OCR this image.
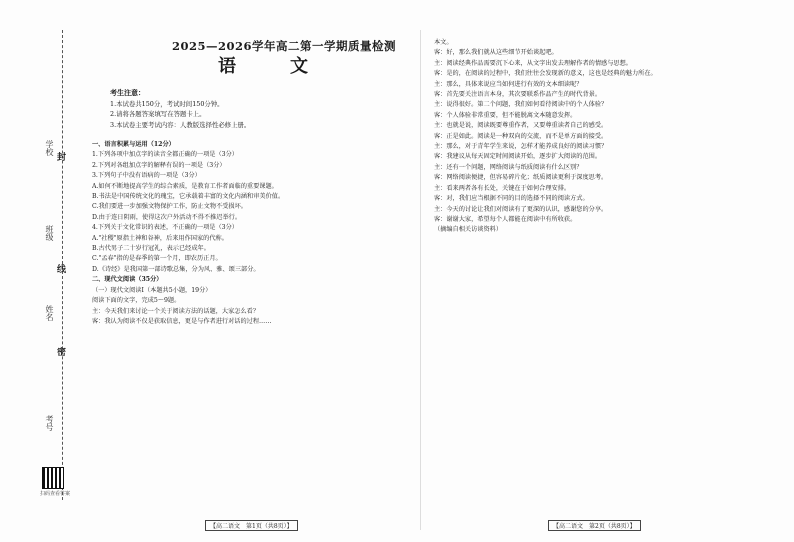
封
线
密
学校
班级
姓名
考号
扫码查看答案
2025—2026学年高二第一学期质量检测
语　文
考生注意：
1.本试卷共150分，考试时间150分钟。
2.请将各题答案填写在答题卡上。
3.本试卷主要考试内容：人教版选择性必修上册。
一、语言积累与运用（12分）
1.下列各项中加点字的读音全都正确的一项是（3分）
2.下列对各组加点字的解释有误的一项是（3分）
3.下列句子中没有语病的一项是（3分）
A.如何不断地提高学生的综合素质，是教育工作者面临的重要课题。
B.书法是中国传统文化的瑰宝，它承载着丰富的文化内涵和审美价值。
C.我们要进一步加强文物保护工作，防止文物不受损坏。
D.由于连日阴雨，使得这次户外活动不得不推迟举行。
4.下列关于文化常识的表述，不正确的一项是（3分）
A."社稷"原指土神和谷神，后来用作国家的代称。
B.古代男子二十岁行冠礼，表示已经成年。
C."孟春"指的是春季的第一个月，即农历正月。
D.《诗经》是我国第一部诗歌总集，分为风、雅、颂三部分。
二、现代文阅读（35分）
（一）现代文阅读Ⅰ（本题共5小题，19分）
阅读下面的文字，完成5～9题。
主：今天我们来讨论一个关于阅读方法的话题，大家怎么看？
客：我认为阅读不仅是获取信息，更是与作者进行对话的过程……
【高二语文　第1页（共8页）】
本文。
客：好，那么我们就从这些细节开始谈起吧。
主：阅读经典作品需要沉下心来，从文字出发去理解作者的情感与思想。
客：是的，在阅读的过程中，我们往往会发现新的意义，这也是经典的魅力所在。
主：那么，具体来说应当如何进行有效的文本细读呢？
客：首先要关注语言本身，其次要联系作品产生的时代背景。
主：说得很好。第二个问题，我们如何看待阅读中的个人体验？
客：个人体验非常重要，但不能脱离文本随意发挥。
主：也就是说，阅读既要尊重作者，又要尊重读者自己的感受。
客：正是如此。阅读是一种双向的交流，而不是单方面的接受。
主：那么，对于青年学生来说，怎样才能养成良好的阅读习惯？
客：我建议从每天固定时间阅读开始，逐步扩大阅读的范围。
主：还有一个问题，网络阅读与纸质阅读有什么区别？
客：网络阅读便捷，但容易碎片化；纸质阅读更利于深度思考。
主：看来两者各有长处，关键在于如何合理安排。
客：对，我们应当根据不同的目的选择不同的阅读方式。
主：今天的讨论让我们对阅读有了更深的认识，感谢您的分享。
客：谢谢大家，希望每个人都能在阅读中有所收获。
（摘编自相关访谈资料）
【高二语文　第2页（共8页）】
